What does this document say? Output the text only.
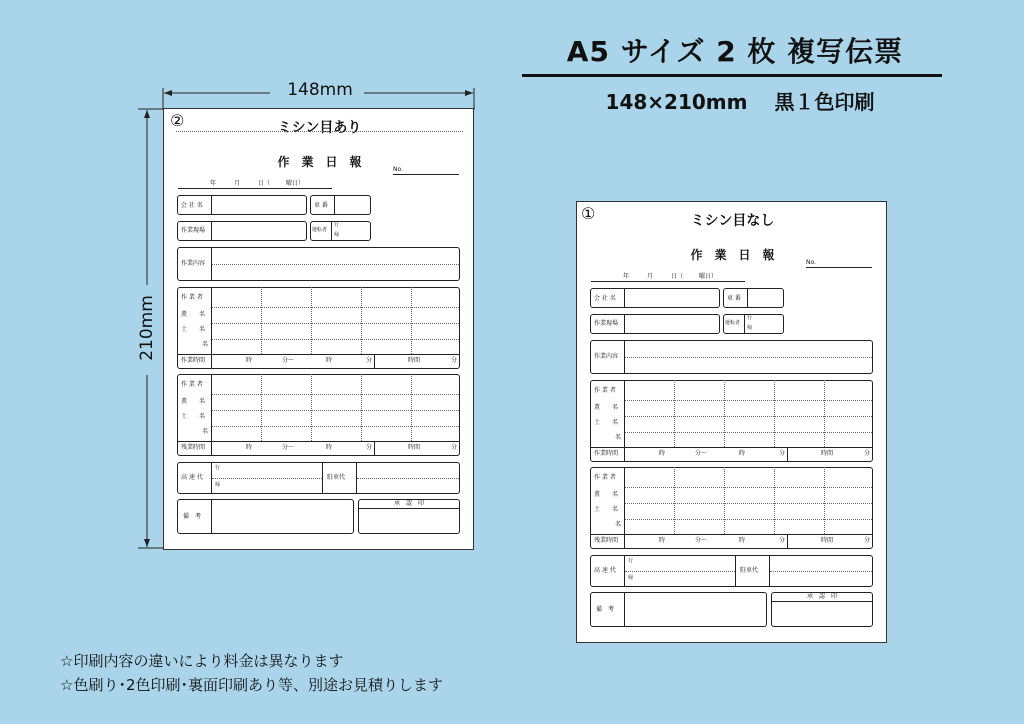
A5 サイズ 2 枚 複写伝票
148×210mm　 黒１色印刷
148mm
210mm
☆印刷内容の違いにより料金は異なります
☆色刷り･2色印刷･裏面印刷あり等、別途お見積りします
②	ミシン目あり
作　業　日　報
No.
年	月	日（	曜日）
会 社 名	車 番
作業現場	運転者
行
帰
作業内容
作 業 者
薫　　名
土　　名
名
作業時間	時	分～	時	分	時間	分
作 業 者
薫　　名
土　　名
名
残業時間	時	分～	時	分	時間	分
高 速 代
行
帰
駐車代
備　考
承　認　印
①	ミシン目なし
作　業　日　報
No.
年	月	日（	曜日）
会 社 名	車 番
作業現場	運転者
行
帰
作業内容
作 業 者
薫　　名
土　　名
名
作業時間	時	分～	時	分	時間	分
作 業 者
薫　　名
土　　名
名
残業時間	時	分～	時	分	時間	分
高 速 代
行
帰
駐車代
備　考
承　認　印
